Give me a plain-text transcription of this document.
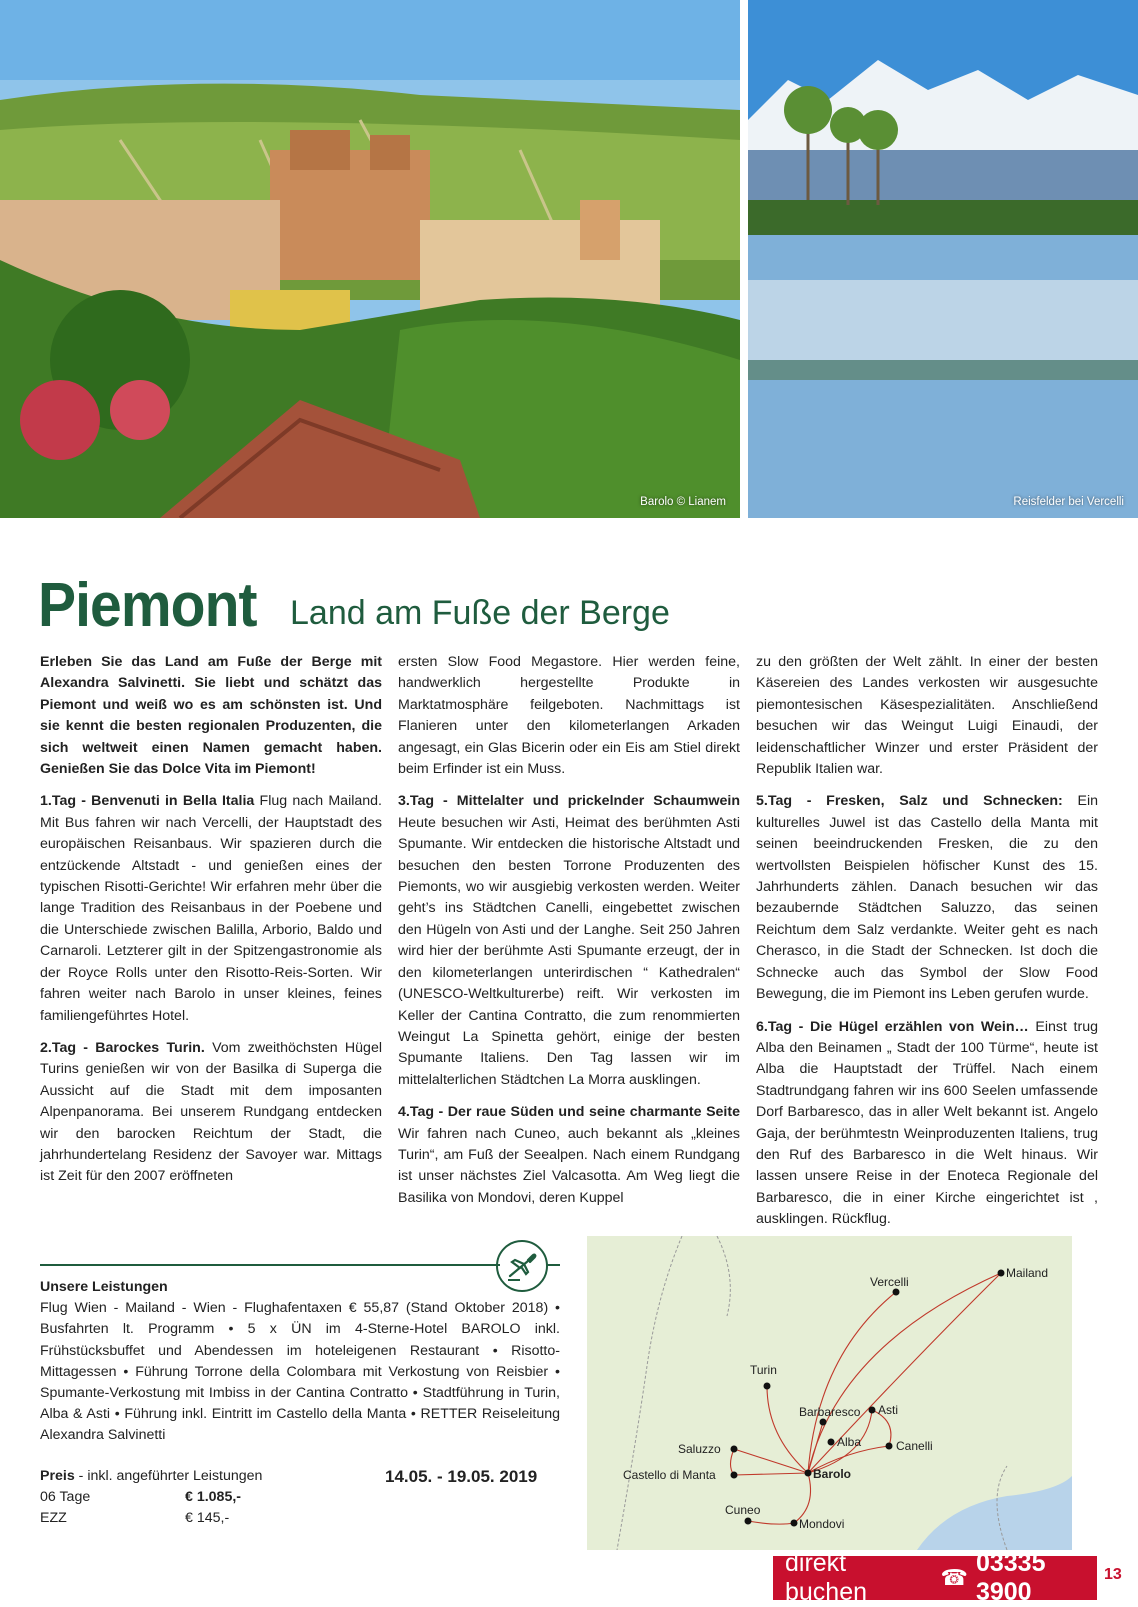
Barolo © Lianem	Reisfelder bei Vercelli
Piemont Land am Fuße der Berge

Erleben Sie das Land am Fuße der Berge mit Alexandra Salvinetti. Sie liebt und schätzt das Piemont und weiß wo es am schönsten ist. Und sie kennt die besten regionalen Produzenten, die sich weltweit einen Namen gemacht haben. Genießen Sie das Dolce Vita im Piemont!

1.Tag - Benvenuti in Bella Italia Flug nach Mailand. Mit Bus fahren wir nach Vercelli, der Hauptstadt des europäischen Reisanbaus. Wir spazieren durch die entzückende Altstadt - und genießen eines der typischen Risotti-Gerichte! Wir erfahren mehr über die lange Tradition des Reisanbaus in der Poebene und die Unterschiede zwischen Balilla, Arborio, Baldo und Carnaroli. Letzterer gilt in der Spitzengastronomie als der Royce Rolls unter den Risotto-Reis-Sorten. Wir fahren weiter nach Barolo in unser kleines, feines familiengeführtes Hotel.

2.Tag - Barockes Turin. Vom zweithöchsten Hügel Turins genießen wir von der Basilka di Superga die Aussicht auf die Stadt mit dem imposanten Alpenpanorama. Bei unserem Rundgang entdecken wir den barocken Reichtum der Stadt, die jahrhundertelang Residenz der Savoyer war. Mittags ist Zeit für den 2007 eröffneten

ersten Slow Food Megastore. Hier werden feine, handwerklich hergestellte Produkte in Marktatmosphäre feilgeboten. Nachmittags ist Flanieren unter den kilometerlangen Arkaden angesagt, ein Glas Bicerin oder ein Eis am Stiel direkt beim Erfinder ist ein Muss.

3.Tag - Mittelalter und prickelnder Schaumwein Heute besuchen wir Asti, Heimat des berühmten Asti Spumante. Wir entdecken die historische Altstadt und besuchen den besten Torrone Produzenten des Piemonts, wo wir ausgiebig verkosten werden. Weiter geht’s ins Städtchen Canelli, eingebettet zwischen den Hügeln von Asti und der Langhe. Seit 250 Jahren wird hier der berühmte Asti Spumante erzeugt, der in den kilometerlangen unterirdischen “ Kathedralen“ (UNESCO-Weltkulturerbe) reift. Wir verkosten im Keller der Cantina Contratto, die zum renommierten Weingut La Spinetta gehört, einige der besten Spumante Italiens. Den Tag lassen wir im mittelalterlichen Städtchen La Morra ausklingen.

4.Tag - Der raue Süden und seine charmante Seite Wir fahren nach Cuneo, auch bekannt als „kleines Turin“, am Fuß der Seealpen. Nach einem Rundgang ist unser nächstes Ziel Valcasotta. Am Weg liegt die Basilika von Mondovi, deren Kuppel

zu den größten der Welt zählt. In einer der besten Käsereien des Landes verkosten wir ausgesuchte piemontesischen Käsespezialitäten. Anschließend besuchen wir das Weingut Luigi Einaudi, der leidenschaftlicher Winzer und erster Präsident der Republik Italien war.

5.Tag - Fresken, Salz und Schnecken: Ein kulturelles Juwel ist das Castello della Manta mit seinen beeindruckenden Fresken, die zu den wertvollsten Beispielen höfischer Kunst des 15. Jahrhunderts zählen. Danach besuchen wir das bezaubernde Städtchen Saluzzo, das seinen Reichtum dem Salz verdankte. Weiter geht es nach Cherasco, in die Stadt der Schnecken. Ist doch die Schnecke auch das Symbol der Slow Food Bewegung, die im Piemont ins Leben gerufen wurde.

6.Tag - Die Hügel erzählen von Wein… Einst trug Alba den Beinamen „ Stadt der 100 Türme“, heute ist Alba die Hauptstadt der Trüffel. Nach einem Stadtrundgang fahren wir ins 600 Seelen umfassende Dorf Barbaresco, das in aller Welt bekannt ist. Angelo Gaja, der berühmtestn Weinproduzenten Italiens, trug den Ruf des Barbaresco in die Welt hinaus. Wir lassen unsere Reise in der Enoteca Regionale del Barbaresco, die in einer Kirche eingerichtet ist , ausklingen. Rückflug.

Unsere Leistungen
Flug Wien - Mailand - Wien - Flughafentaxen € 55,87 (Stand Oktober 2018) • Busfahrten lt. Programm • 5 x ÜN im 4-Sterne-Hotel BAROLO inkl. Frühstücksbuffet und Abendessen im hoteleigenen Restaurant • Risotto-Mittagessen • Führung Torrone della Colombara mit Verkostung von Reisbier • Spumante-Verkostung mit Imbiss in der Cantina Contratto • Stadtführung in Turin, Alba & Asti • Führung inkl. Eintritt im Castello della Manta • RETTER Reiseleitung Alexandra Salvinetti
Preis - inkl. angeführter Leistungen
06 Tage	€ 1.085,-
EZZ	€ 145,-
14.05. - 19.05. 2019
Mailand
Vercelli
Turin
Barbaresco Asti
Alba	Canelli
Saluzzo
Castello di Manta	Barolo
Cuneo
Mondovi
direkt buchen
☎
03335 3900
13
